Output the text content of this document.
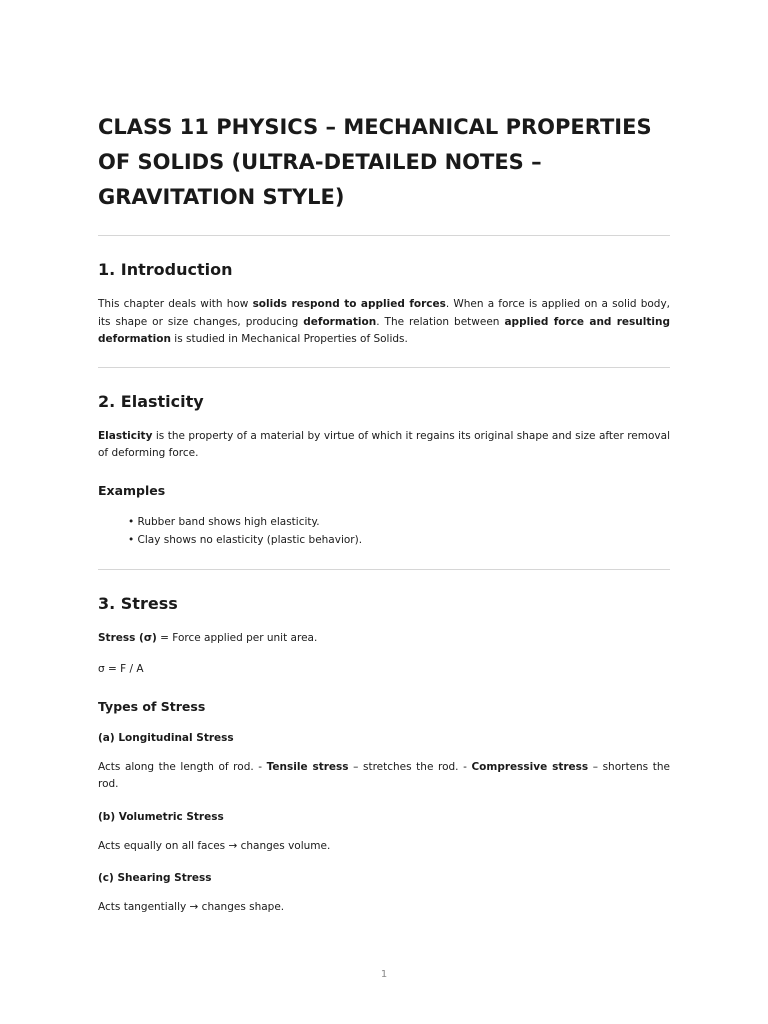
CLASS 11 PHYSICS – MECHANICAL PROPERTIES OF SOLIDS (ULTRA-DETAILED NOTES – GRAVITATION STYLE)
1. Introduction

This chapter deals with how solids respond to applied forces. When a force is applied on a solid body, its shape or size changes, producing deformation. The relation between applied force and resulting deformation is studied in Mechanical Properties of Solids.

2. Elasticity

Elasticity is the property of a material by virtue of which it regains its original shape and size after removal of deforming force.

Examples
• Rubber band shows high elasticity.
• Clay shows no elasticity (plastic behavior).
3. Stress

Stress (σ) = Force applied per unit area.

σ = F / A

Types of Stress
(a) Longitudinal Stress

Acts along the length of rod. - Tensile stress – stretches the rod. - Compressive stress – shortens the rod.

(b) Volumetric Stress

Acts equally on all faces → changes volume.

(c) Shearing Stress

Acts tangentially → changes shape.

1
